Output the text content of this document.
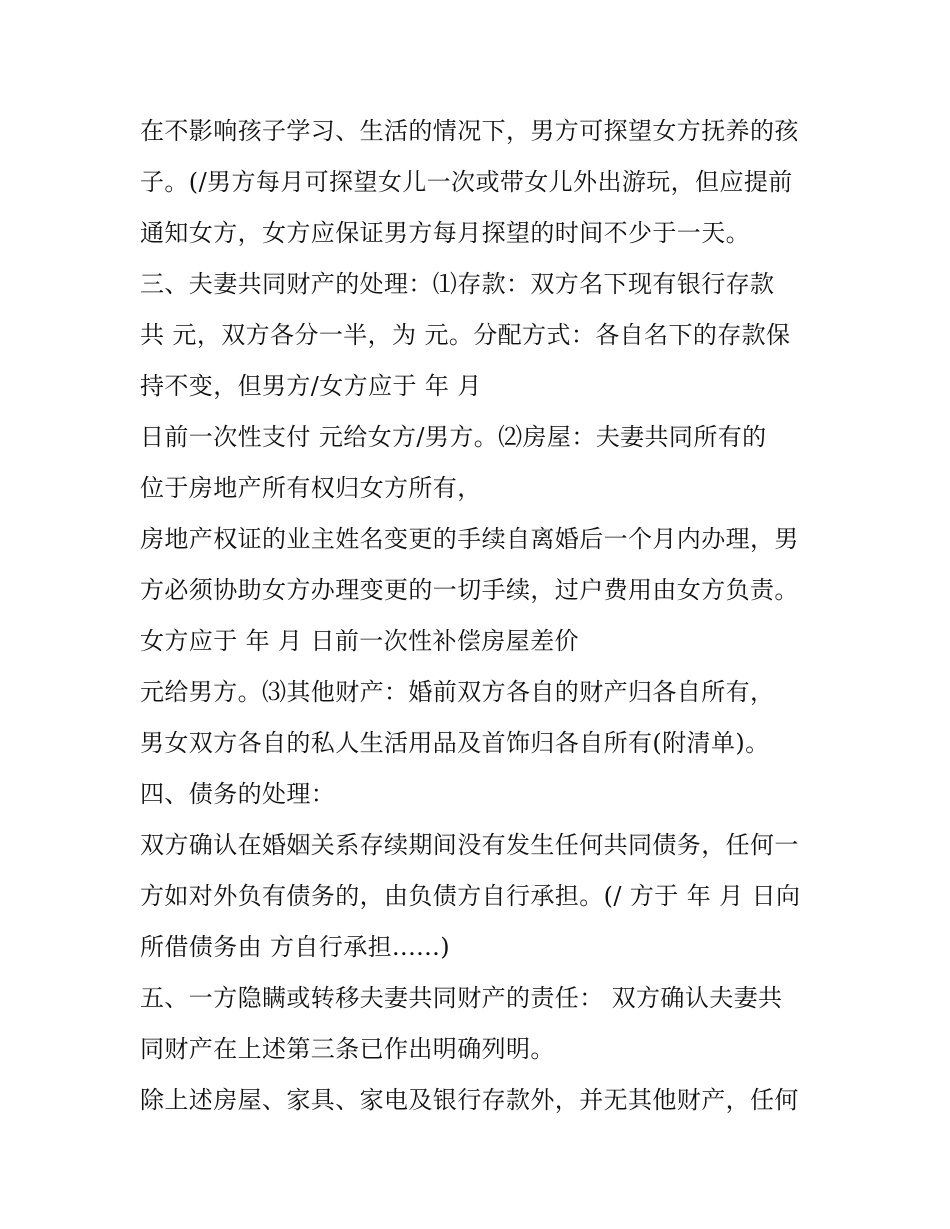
在不影响孩子学习、生活的情况下，男方可探望女方抚养的孩
子。(/男方每月可探望女儿一次或带女儿外出游玩，但应提前
通知女方，女方应保证男方每月探望的时间不少于一天。
三、夫妻共同财产的处理：⑴存款：双方名下现有银行存款
共 元，双方各分一半，为 元。分配方式：各自名下的存款保
持不变，但男方/女方应于 年 月
日前一次性支付 元给女方/男方。⑵房屋：夫妻共同所有的
位于房地产所有权归女方所有，
房地产权证的业主姓名变更的手续自离婚后一个月内办理，男
方必须协助女方办理变更的一切手续，过户费用由女方负责。
女方应于 年 月 日前一次性补偿房屋差价
元给男方。⑶其他财产：婚前双方各自的财产归各自所有，
男女双方各自的私人生活用品及首饰归各自所有(附清单)。
四、债务的处理：
双方确认在婚姻关系存续期间没有发生任何共同债务，任何一
方如对外负有债务的，由负债方自行承担。(/ 方于 年 月 日向
所借债务由 方自行承担......)
五、一方隐瞒或转移夫妻共同财产的责任： 双方确认夫妻共
同财产在上述第三条已作出明确列明。
除上述房屋、家具、家电及银行存款外，并无其他财产，任何
